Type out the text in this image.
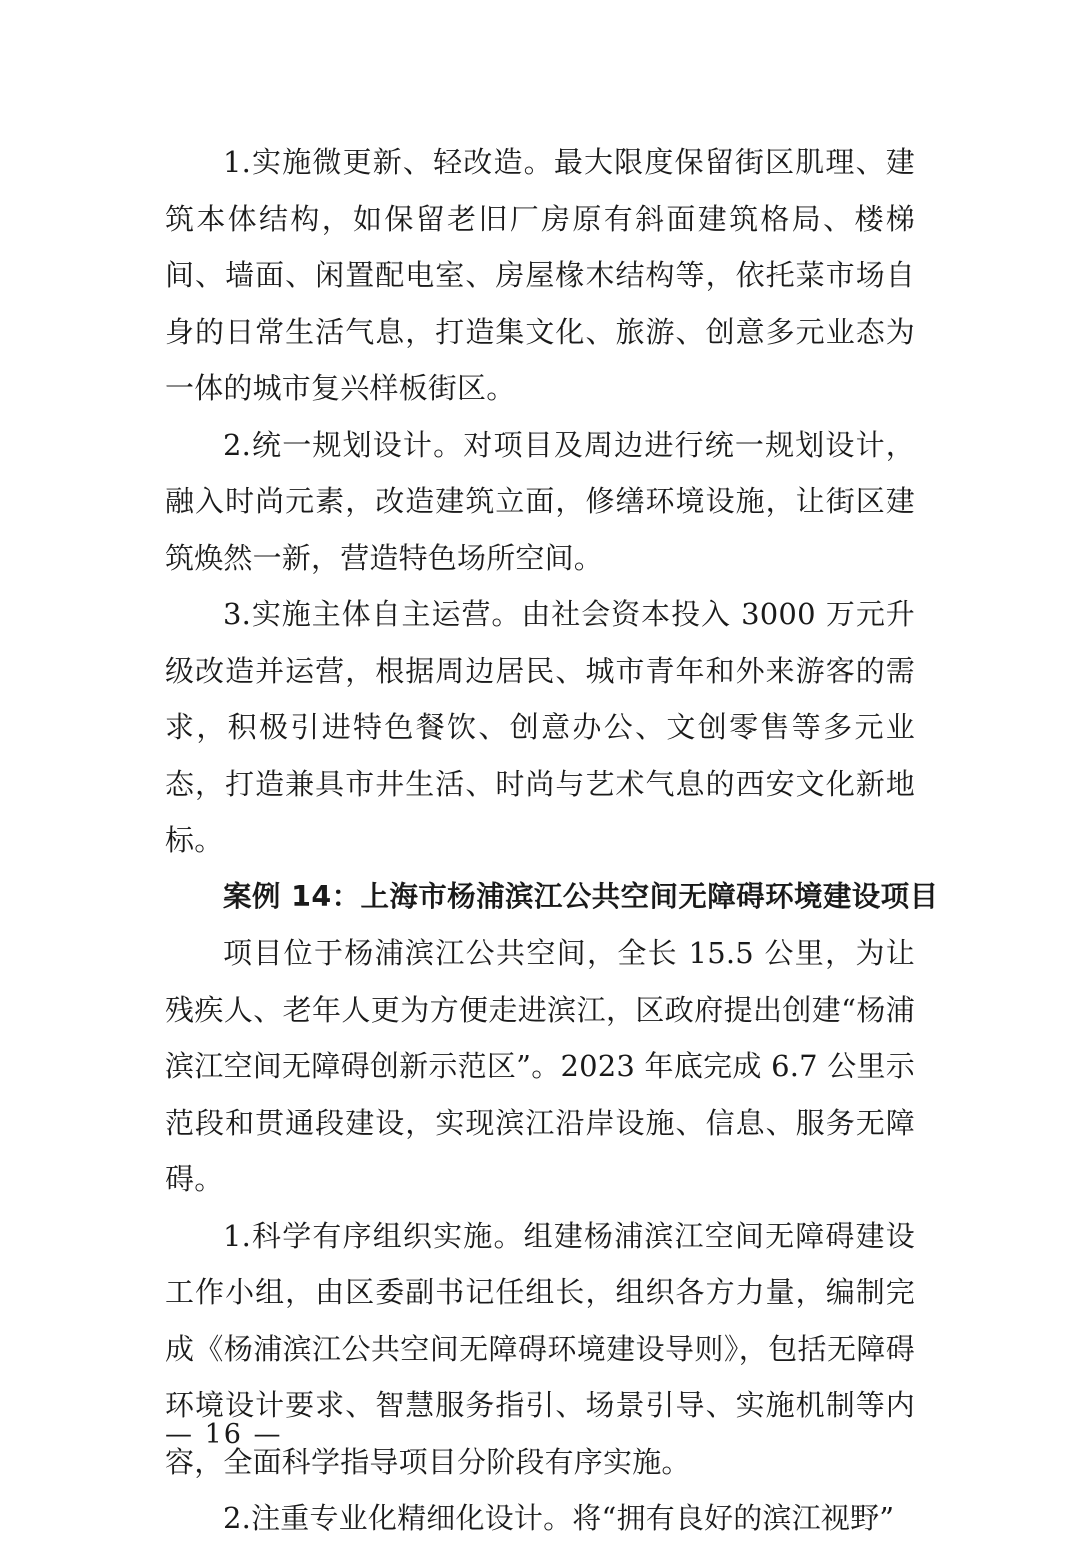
1.实施微更新、轻改造。最大限度保留街区肌理、建筑本体结构，如保留老旧厂房原有斜面建筑格局、楼梯间、墙面、闲置配电室、房屋椽木结构等，依托菜市场自身的日常生活气息，打造集文化、旅游、创意多元业态为一体的城市复兴样板街区。

2.统一规划设计。对项目及周边进行统一规划设计，融入时尚元素，改造建筑立面，修缮环境设施，让街区建筑焕然一新，营造特色场所空间。

3.实施主体自主运营。由社会资本投入 3000 万元升级改造并运营，根据周边居民、城市青年和外来游客的需求，积极引进特色餐饮、创意办公、文创零售等多元业态，打造兼具市井生活、时尚与艺术气息的西安文化新地标。

案例 14：上海市杨浦滨江公共空间无障碍环境建设项目

项目位于杨浦滨江公共空间，全长 15.5 公里，为让残疾人、老年人更为方便走进滨江，区政府提出创建“杨浦滨江空间无障碍创新示范区”。2023 年底完成 6.7 公里示范段和贯通段建设，实现滨江沿岸设施、信息、服务无障碍。

1.科学有序组织实施。组建杨浦滨江空间无障碍建设工作小组，由区委副书记任组长，组织各方力量，编制完成《杨浦滨江公共空间无障碍环境建设导则》，包括无障碍环境设计要求、智慧服务指引、场景引导、实施机制等内容，全面科学指导项目分阶段有序实施。

2.注重专业化精细化设计。将“拥有良好的滨江视野”

— 16 —
